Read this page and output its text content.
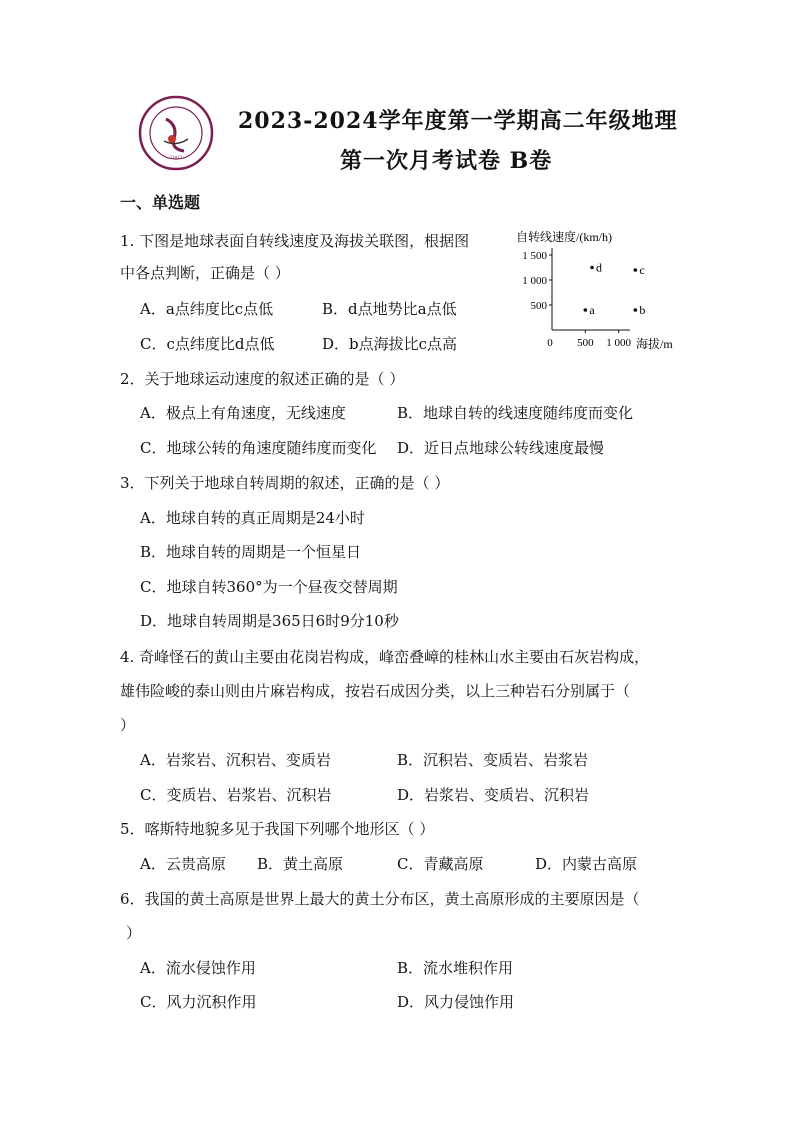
2003
2023-2024学年度第一学期高二年级地理
第一次月考试卷 B卷
一、单选题
1. 下图是地球表面自转线速度及海拔关联图，根据图
中各点判断，正确是（ ）
A．a点纬度比c点低	B．d点地势比a点低
C．c点纬度比d点低	D．b点海拔比c点高
自转线速度/(km/h)
海拔/m
1 500
1 000
500
0 500 1 000
a	b
c
d
2．关于地球运动速度的叙述正确的是（ ）
A．极点上有角速度，无线速度	B．地球自转的线速度随纬度而变化
C．地球公转的角速度随纬度而变化 D．近日点地球公转线速度最慢
3．下列关于地球自转周期的叙述，正确的是（ ）
A．地球自转的真正周期是24小时
B．地球自转的周期是一个恒星日
C．地球自转360°为一个昼夜交替周期
D．地球自转周期是365日6时9分10秒
4. 奇峰怪石的黄山主要由花岗岩构成，峰峦叠嶂的桂林山水主要由石灰岩构成，
雄伟险峻的泰山则由片麻岩构成，按岩石成因分类，以上三种岩石分别属于（
）
A．岩浆岩、沉积岩、变质岩	B．沉积岩、变质岩、岩浆岩
C．变质岩、岩浆岩、沉积岩	D．岩浆岩、变质岩、沉积岩
5．喀斯特地貌多见于我国下列哪个地形区（ ）
A．云贵高原 B．黄土高原	C．青藏高原	D．内蒙古高原
6．我国的黄土高原是世界上最大的黄土分布区，黄土高原形成的主要原因是（
）
A．流水侵蚀作用	B．流水堆积作用
C．风力沉积作用	D．风力侵蚀作用
